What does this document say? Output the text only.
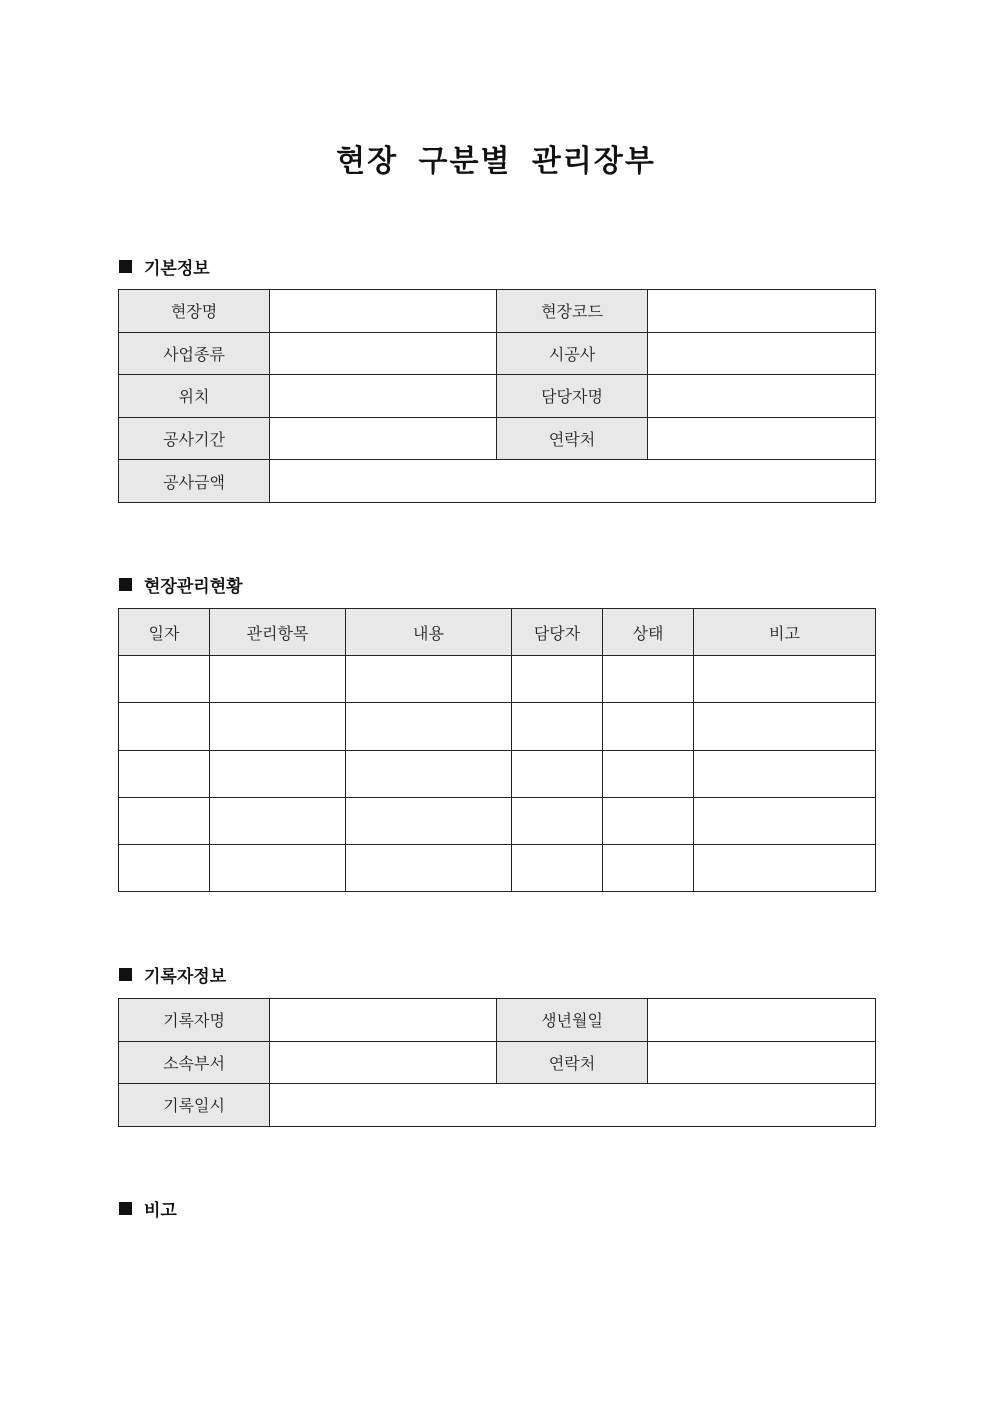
현장 구분별 관리장부
기본정보
현장명		현장코드	
사업종류		시공사	
위치		담당자명	
공사기간		연락처	
공사금액			
현장관리현황
일자	관리항목	내용	담당자	상태	비고

기록자정보
기록자명		생년월일	
소속부서		연락처	
기록일시			
비고
